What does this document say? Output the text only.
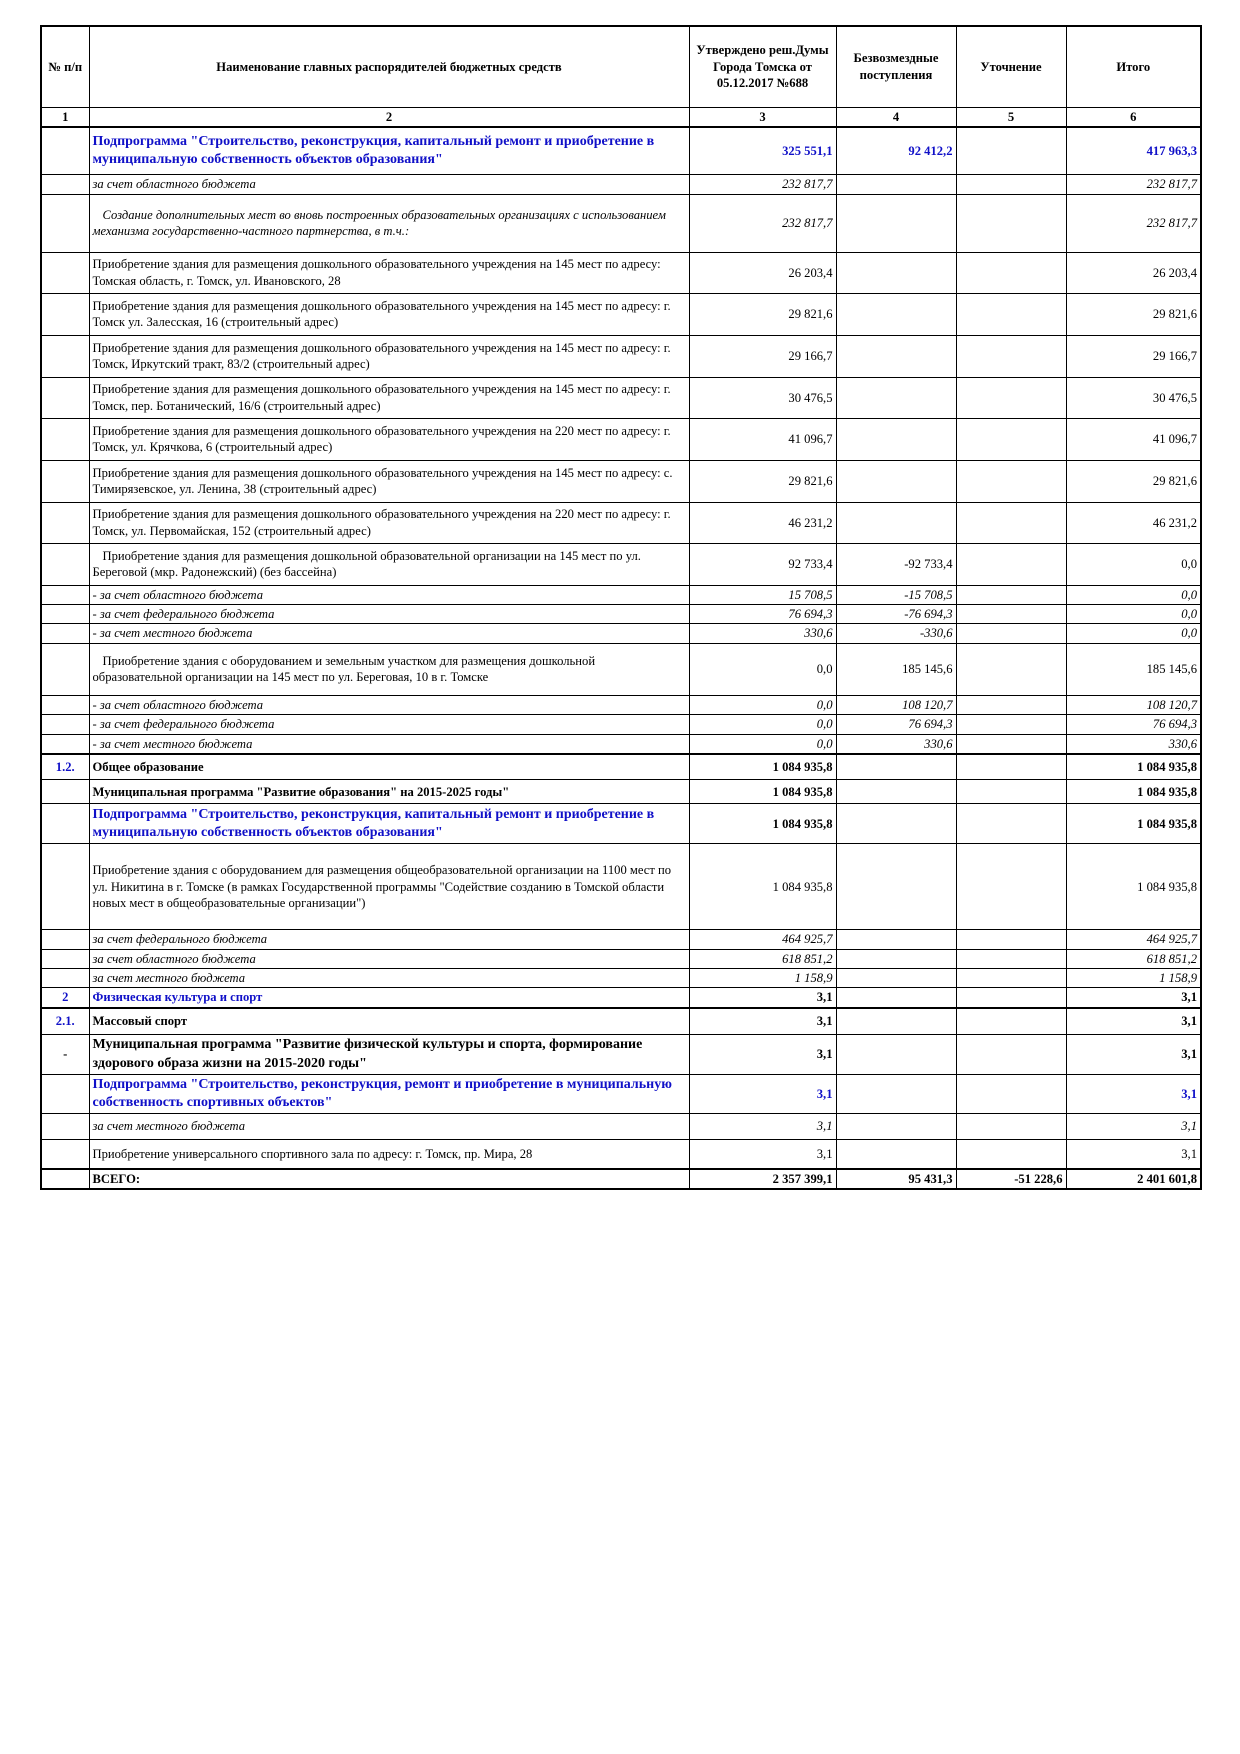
№ п/п	Наименование главных распорядителей бюджетных средств	Утверждено реш.Думы Города Томска от 05.12.2017 №688	Безвозмездные поступления	Уточнение	Итого
1	2	3	4	5	6
	Подпрограмма "Строительство, реконструкция, капитальный ремонт и приобретение в муниципальную собственность объектов образования"	325 551,1	92 412,2		417 963,3
	за счет областного бюджета	232 817,7			232 817,7
	Создание дополнительных мест во вновь построенных образовательных организациях с использованием механизма государственно-частного партнерства, в т.ч.:	232 817,7			232 817,7
	Приобретение здания для размещения дошкольного образовательного учреждения на 145 мест по адресу: Томская область, г. Томск, ул. Ивановского, 28	26 203,4			26 203,4
	Приобретение здания для размещения дошкольного образовательного учреждения на 145 мест по адресу: г. Томск ул. Залесская, 16 (строительный адрес)	29 821,6			29 821,6
	Приобретение здания для размещения дошкольного образовательного учреждения на 145 мест по адресу: г. Томск, Иркутский тракт, 83/2 (строительный адрес)	29 166,7			29 166,7
	Приобретение здания для размещения дошкольного образовательного учреждения на 145 мест по адресу: г. Томск, пер. Ботанический, 16/6 (строительный адрес)	30 476,5			30 476,5
	Приобретение здания для размещения дошкольного образовательного учреждения на 220 мест по адресу: г. Томск, ул. Крячкова, 6 (строительный адрес)	41 096,7			41 096,7
	Приобретение здания для размещения дошкольного образовательного учреждения на 145 мест по адресу: с. Тимирязевское, ул. Ленина, 38 (строительный адрес)	29 821,6			29 821,6
	Приобретение здания для размещения дошкольного образовательного учреждения на 220 мест по адресу: г. Томск, ул. Первомайская, 152 (строительный адрес)	46 231,2			46 231,2
	Приобретение здания для размещения дошкольной образовательной организации на 145 мест по ул. Береговой (мкр. Радонежский) (без бассейна)	92 733,4	-92 733,4		0,0
	- за счет областного бюджета	15 708,5	-15 708,5		0,0
	- за счет федерального бюджета	76 694,3	-76 694,3		0,0
	- за счет местного бюджета	330,6	-330,6		0,0
	Приобретение здания с оборудованием и земельным участком для размещения дошкольной образовательной организации на 145 мест по ул. Береговая, 10 в г. Томске	0,0	185 145,6		185 145,6
	- за счет областного бюджета	0,0	108 120,7		108 120,7
	- за счет федерального бюджета	0,0	76 694,3		76 694,3
	- за счет местного бюджета	0,0	330,6		330,6
1.2.	Общее образование	1 084 935,8			1 084 935,8
	Муниципальная программа "Развитие образования" на 2015-2025 годы"	1 084 935,8			1 084 935,8
	Подпрограмма "Строительство, реконструкция, капитальный ремонт и приобретение в муниципальную собственность объектов образования"	1 084 935,8			1 084 935,8
	Приобретение здания с оборудованием для размещения общеобразовательной организации на 1100 мест по ул. Никитина в г. Томске (в рамках Государственной программы "Содействие созданию в Томской области новых мест в общеобразовательные организации")	1 084 935,8			1 084 935,8
	за счет федерального бюджета	464 925,7			464 925,7
	за счет областного бюджета	618 851,2			618 851,2
	за счет местного бюджета	1 158,9			1 158,9
2	Физическая культура и спорт	3,1			3,1
2.1.	Массовый спорт	3,1			3,1
-	Муниципальная программа "Развитие физической культуры и спорта, формирование здорового образа жизни на 2015-2020 годы"	3,1			3,1
	Подпрограмма "Строительство, реконструкция, ремонт и приобретение в муниципальную собственность спортивных объектов"	3,1			3,1
	за счет местного бюджета	3,1			3,1
	Приобретение универсального спортивного зала по адресу: г. Томск, пр. Мира, 28	3,1			3,1
	ВСЕГО:	2 357 399,1	95 431,3	-51 228,6	2 401 601,8
